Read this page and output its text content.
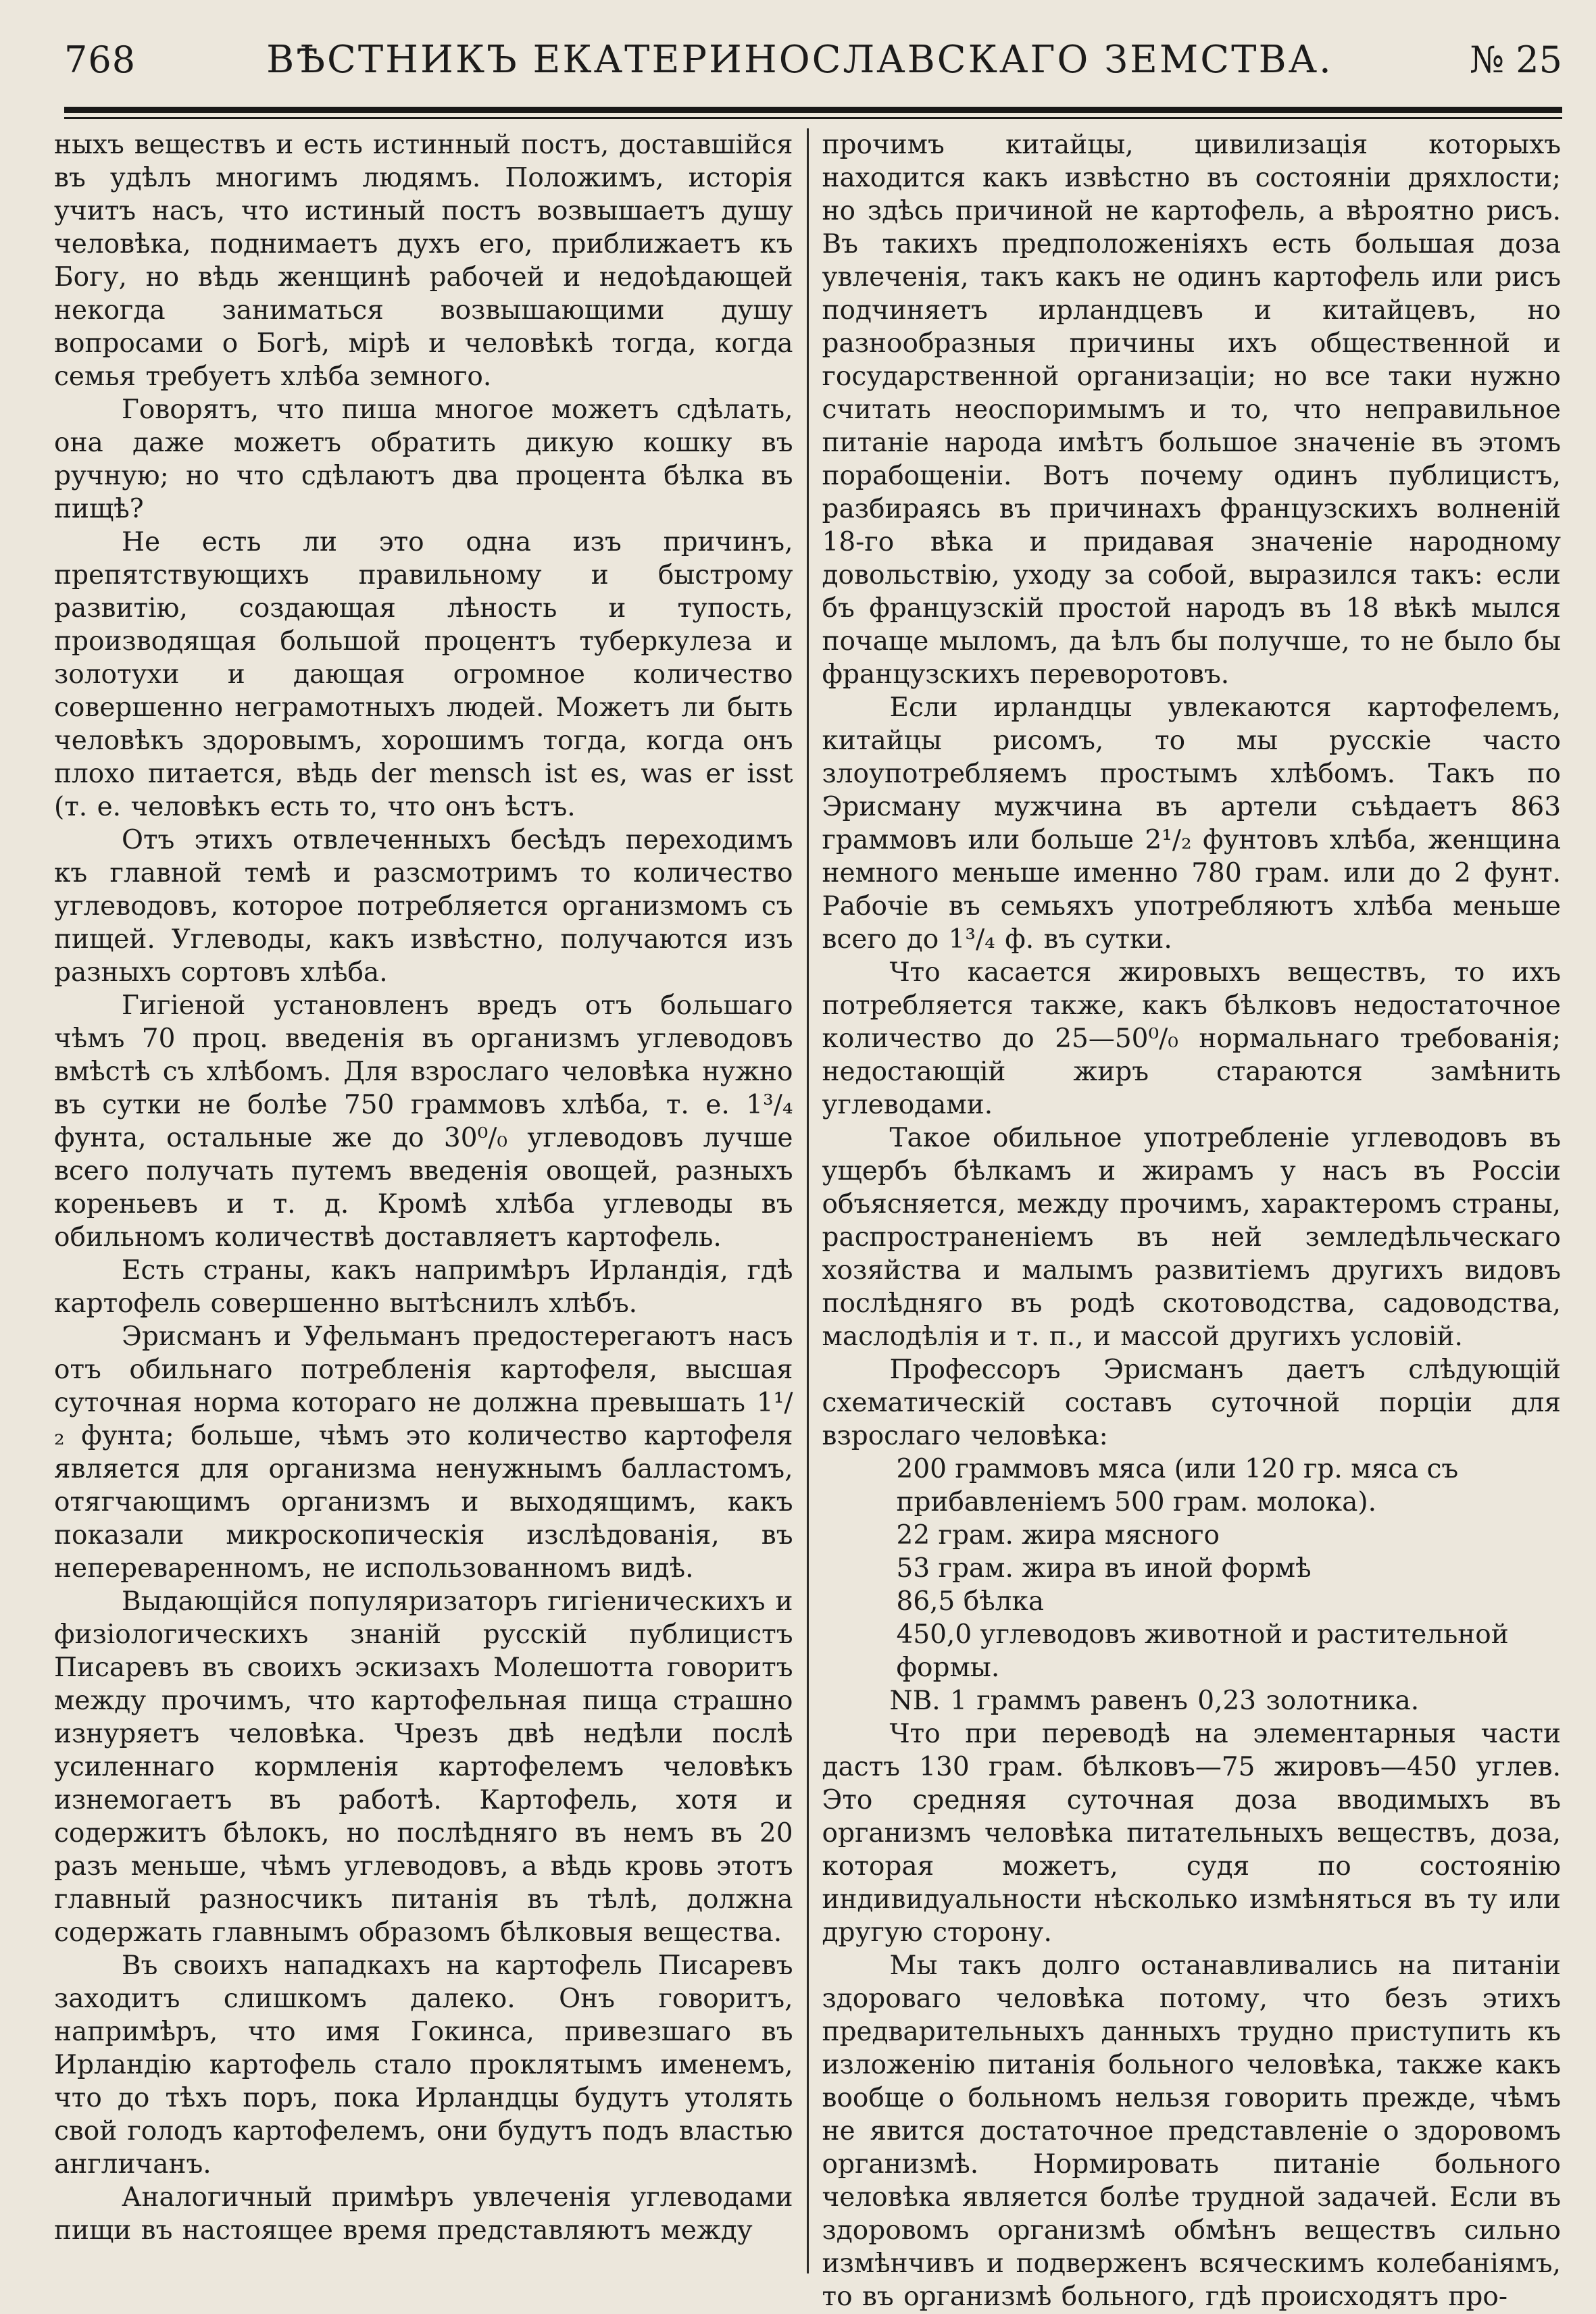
768	ВѢСТНИКЪ ЕКАТЕРИНОСЛАВСКАГО ЗЕМСТВА.	№ 25

ныхъ веществъ и есть истинный постъ, доставшійся въ удѣлъ многимъ людямъ. Положимъ, исторія учитъ насъ, что истиный постъ возвышаетъ душу человѣка, поднимаетъ духъ его, приближаетъ къ Богу, но вѣдь женщинѣ рабочей и недоѣдающей некогда заниматься возвышающими душу вопросами о Богѣ, мірѣ и человѣкѣ тогда, когда семья требуетъ хлѣба земного.

Говорятъ, что пиша многое можетъ сдѣлать, она даже можетъ обратить дикую кошку въ ручную; но что сдѣлаютъ два процента бѣлка въ пищѣ?

Не есть ли это одна изъ причинъ, препятствующихъ правильному и быстрому развитію, создающая лѣность и тупость, производящая большой процентъ туберкулеза и золотухи и дающая огромное количество совершенно неграмотныхъ людей. Можетъ ли быть человѣкъ здоровымъ, хорошимъ тогда, когда онъ плохо питается, вѣдь der mensch ist es, was er isst (т. е. человѣкъ есть то, что онъ ѣстъ.

Отъ этихъ отвлеченныхъ бесѣдъ переходимъ къ главной темѣ и разсмотримъ то количество углеводовъ, которое потребляется организмомъ съ пищей. Углеводы, какъ извѣстно, получаются изъ разныхъ сортовъ хлѣба.

Гигіеной установленъ вредъ отъ большаго чѣмъ 70 проц. введенія въ организмъ углеводовъ вмѣстѣ съ хлѣбомъ. Для взрослаго человѣка нужно въ сутки не болѣе 750 граммовъ хлѣба, т. е. 1³/₄ фунта, остальные же до 30⁰/₀ углеводовъ лучше всего получать путемъ введенія овощей, разныхъ кореньевъ и т. д. Кромѣ хлѣба углеводы въ обильномъ количествѣ доставляетъ картофель.

Есть страны, какъ напримѣръ Ирландія, гдѣ картофель совершенно вытѣснилъ хлѣбъ.

Эрисманъ и Уфельманъ предостерегаютъ насъ отъ обильнаго потребленія картофеля, высшая суточная норма котораго не должна превышать 1¹/₂ фунта; больше, чѣмъ это количество картофеля является для организма ненужнымъ балластомъ, отягчающимъ организмъ и выходящимъ, какъ показали микроскопическія изслѣдованія, въ непереваренномъ, не использованномъ видѣ.

Выдающійся популяризаторъ гигіеническихъ и физіологическихъ знаній русскій публицистъ Писаревъ въ своихъ эскизахъ Молешотта говоритъ между прочимъ, что картофельная пища страшно изнуряетъ человѣка. Чрезъ двѣ недѣли послѣ усиленнаго кормленія картофелемъ человѣкъ изнемогаетъ въ работѣ. Картофель, хотя и содержитъ бѣлокъ, но послѣдняго въ немъ въ 20 разъ меньше, чѣмъ углеводовъ, а вѣдь кровь этотъ главный разносчикъ питанія въ тѣлѣ, должна содержать главнымъ образомъ бѣлковыя вещества.

Въ своихъ нападкахъ на картофель Писаревъ заходитъ слишкомъ далеко. Онъ говоритъ, напримѣръ, что имя Гокинса, привезшаго въ Ирландію картофель стало проклятымъ именемъ, что до тѣхъ поръ, пока Ирландцы будутъ утолять свой голодъ картофелемъ, они будутъ подъ властью англичанъ.

Аналогичный примѣръ увлеченія углеводами пищи въ настоящее время представляютъ между

прочимъ китайцы, цивилизація которыхъ находится какъ извѣстно въ состояніи дряхлости; но здѣсь причиной не картофель, а вѣроятно рисъ. Въ такихъ предположеніяхъ есть большая доза увлеченія, такъ какъ не одинъ картофель или рисъ подчиняетъ ирландцевъ и китайцевъ, но разнообразныя причины ихъ общественной и государственной организаціи; но все таки нужно считать неоспоримымъ и то, что неправильное питаніе народа имѣтъ большое значеніе въ этомъ порабощеніи. Вотъ почему одинъ публицистъ, разбираясь въ причинахъ французскихъ волненій 18-го вѣка и придавая значеніе народному довольствію, уходу за собой, выразился такъ: если бъ французскій простой народъ въ 18 вѣкѣ мылся почаще мыломъ, да ѣлъ бы получше, то не было бы французскихъ переворотовъ.

Если ирландцы увлекаются картофелемъ, китайцы рисомъ, то мы русскіе часто злоупотребляемъ простымъ хлѣбомъ. Такъ по Эрисману мужчина въ артели съѣдаетъ 863 граммовъ или больше 2¹/₂ фунтовъ хлѣба, женщина немного меньше именно 780 грам. или до 2 фунт. Рабочіе въ семьяхъ употребляютъ хлѣба меньше всего до 1³/₄ ф. въ сутки.

Что касается жировыхъ веществъ, то ихъ потребляется также, какъ бѣлковъ недостаточное количество до 25—50⁰/₀ нормальнаго требованія; недостающій жиръ стараются замѣнить углеводами.

Такое обильное употребленіе углеводовъ въ ущербъ бѣлкамъ и жирамъ у насъ въ Россіи объясняется, между прочимъ, характеромъ страны, распространеніемъ въ ней земледѣльческаго хозяйства и малымъ развитіемъ другихъ видовъ послѣдняго въ родѣ скотоводства, садоводства, маслодѣлія и т. п., и массой другихъ условій.

Профессоръ Эрисманъ даетъ слѣдующій схематическій составъ суточной порціи для взрослаго человѣка:

200 граммовъ мяса (или 120 гр. мяса съ прибавленіемъ 500 грам. молока).

22 грам. жира мясного

53 грам. жира въ иной формѣ

86,5 бѣлка

450,0 углеводовъ животной и растительной формы.

NB. 1 граммъ равенъ 0,23 золотника.

Что при переводѣ на элементарныя части дастъ 130 грам. бѣлковъ—75 жировъ—450 углев. Это средняя суточная доза вводимыхъ въ организмъ человѣка питательныхъ веществъ, доза, которая можетъ, судя по состоянію индивидуальности нѣсколько измѣняться въ ту или другую сторону.

Мы такъ долго останавливались на питаніи здороваго человѣка потому, что безъ этихъ предварительныхъ данныхъ трудно приступить къ изложенію питанія больного человѣка, также какъ вообще о больномъ нельзя говорить прежде, чѣмъ не явится достаточное представленіе о здоровомъ организмѣ. Нормировать питаніе больного человѣка является болѣе трудной задачей. Если въ здоровомъ организмѣ обмѣнъ веществъ сильно измѣнчивъ и подверженъ всяческимъ колебаніямъ, то въ организмѣ больного, гдѣ происходятъ про-
